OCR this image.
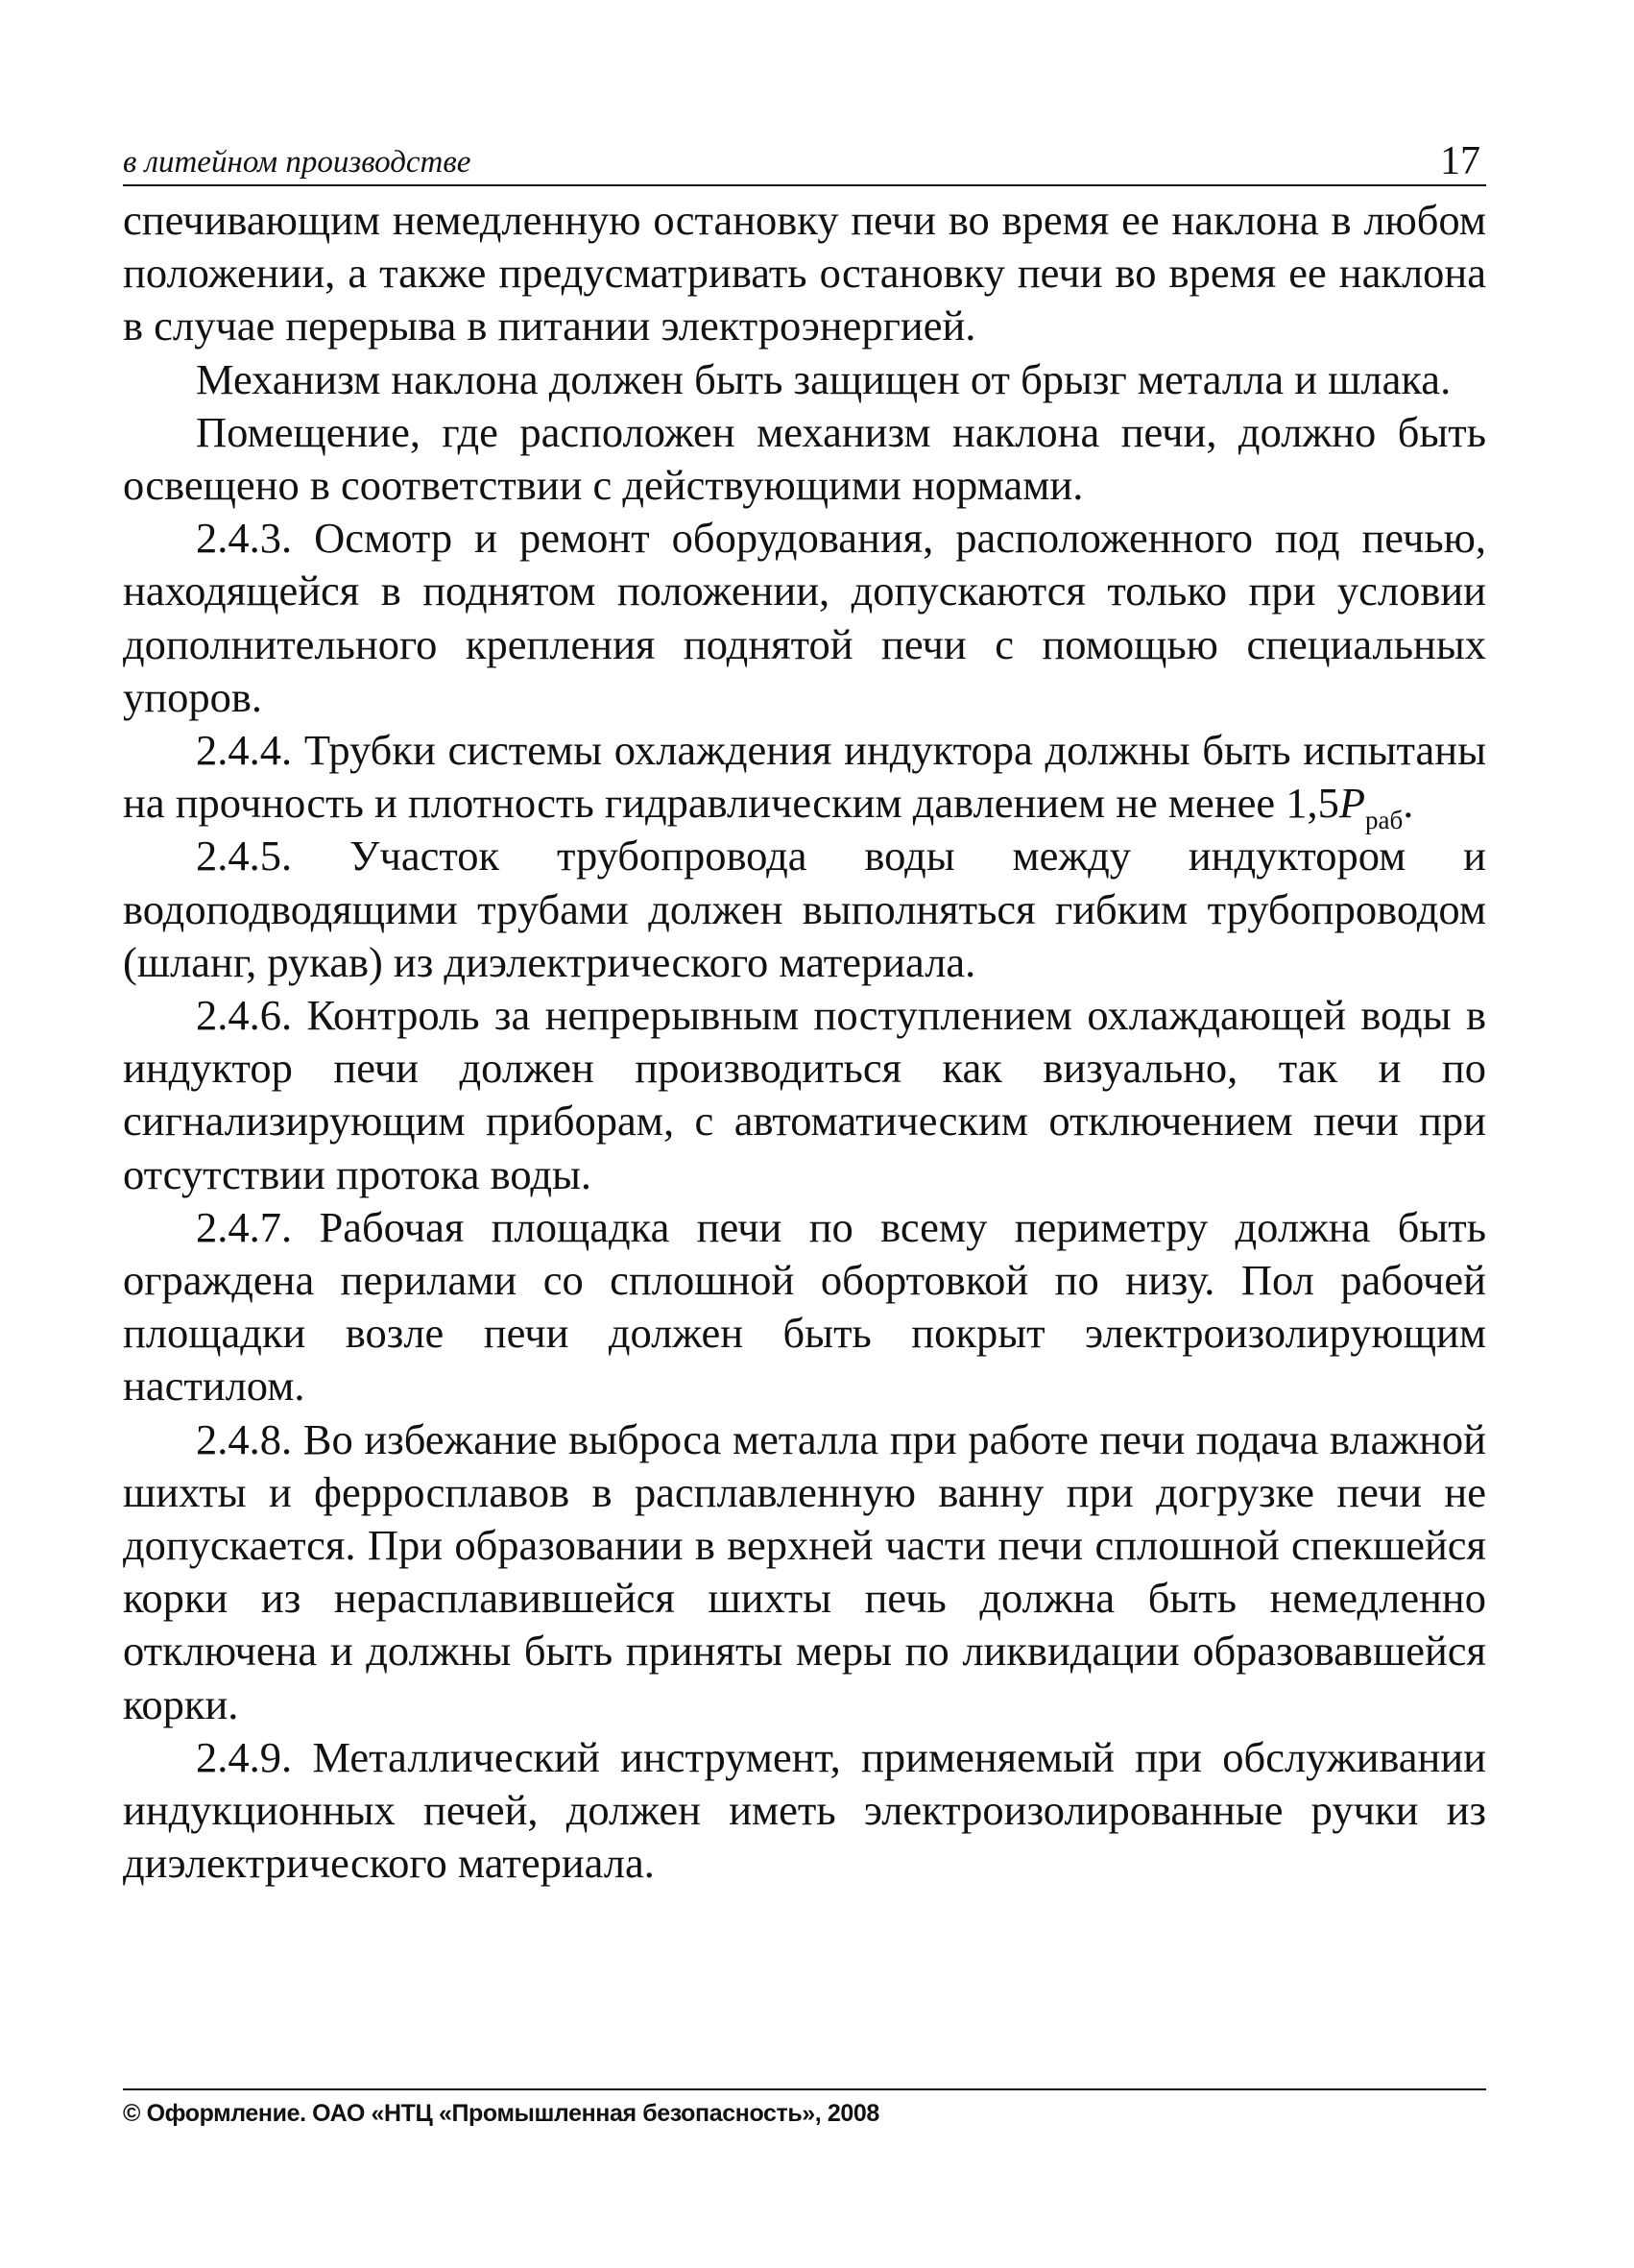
в литейном производстве	17

спечивающим немедленную остановку печи во время ее наклона в любом положении, а также предусматривать остановку печи во время ее наклона в случае перерыва в питании электроэнергией.

Механизм наклона должен быть защищен от брызг металла и шлака.

Помещение, где расположен механизм наклона печи, должно быть освещено в соответствии с действующими нормами.

2.4.3. Осмотр и ремонт оборудования, расположенного под печью, находящейся в поднятом положении, допускаются только при условии дополнительного крепления поднятой печи с помощью специальных упоров.

2.4.4. Трубки системы охлаждения индуктора должны быть испытаны на прочность и плотность гидравлическим давлением не менее $1,5P_{раб}$.

2.4.5. Участок трубопровода воды между индуктором и водоподводящими трубами должен выполняться гибким трубопроводом (шланг, рукав) из диэлектрического материала.

2.4.6. Контроль за непрерывным поступлением охлаждающей воды в индуктор печи должен производиться как визуально, так и по сигнализирующим приборам, с автоматическим отключением печи при отсутствии протока воды.

2.4.7. Рабочая площадка печи по всему периметру должна быть ограждена перилами со сплошной обортовкой по низу. Пол рабочей площадки возле печи должен быть покрыт электроизолирующим настилом.

2.4.8. Во избежание выброса металла при работе печи подача влажной шихты и ферросплавов в расплавленную ванну при догрузке печи не допускается. При образовании в верхней части печи сплошной спекшейся корки из нерасплавившейся шихты печь должна быть немедленно отключена и должны быть приняты меры по ликвидации образовавшейся корки.

2.4.9. Металлический инструмент, применяемый при обслуживании индукционных печей, должен иметь электроизолированные ручки из диэлектрического материала.

© Оформление. ОАО «НТЦ «Промышленная безопасность», 2008
